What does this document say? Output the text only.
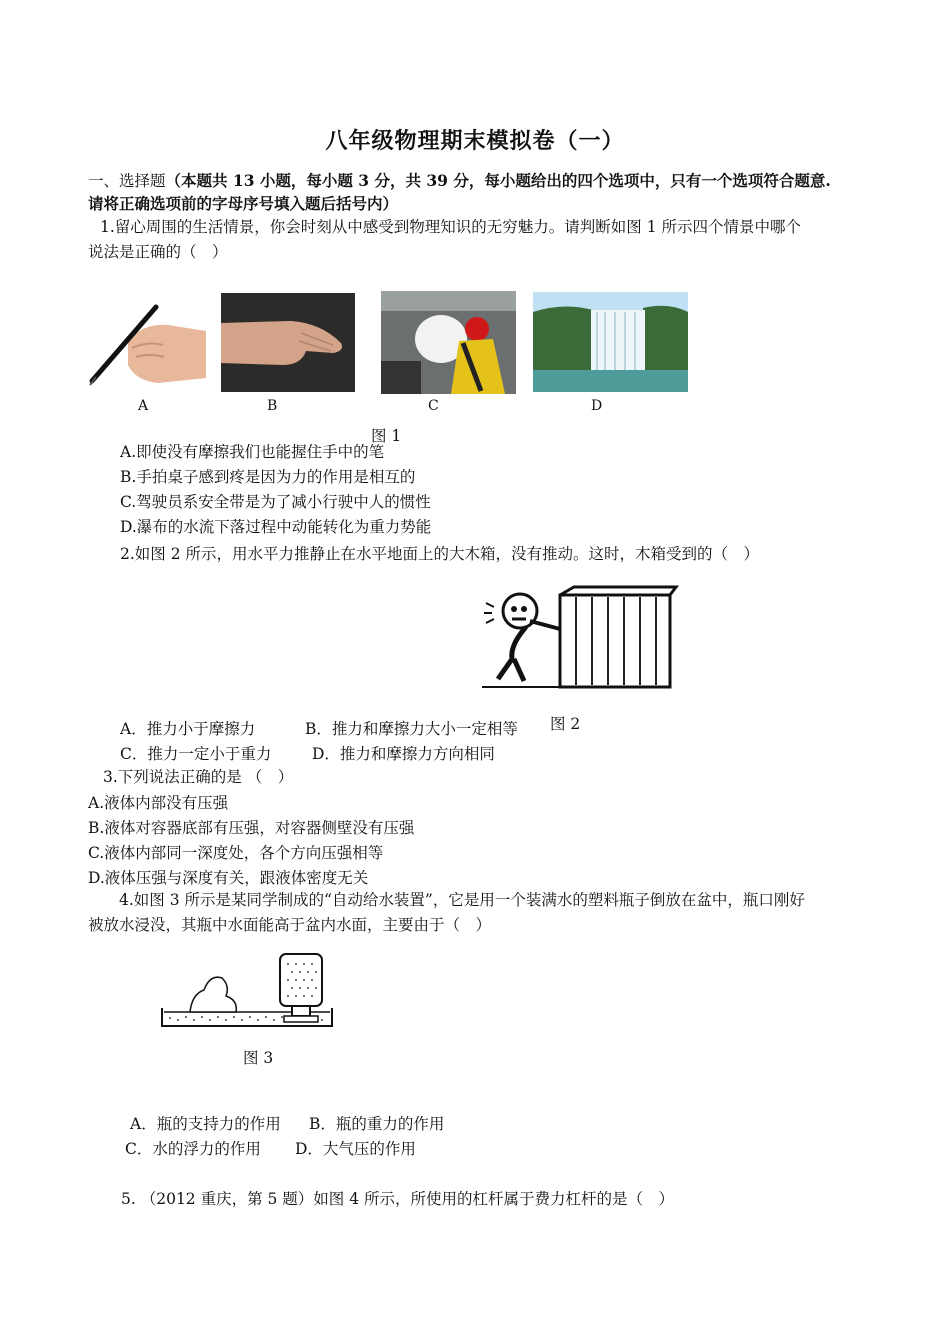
八年级物理期末模拟卷（一）
一、选择题（本题共 13 小题，每小题 3 分，共 39 分，每小题给出的四个选项中，只有一个选项符合题意.
请将正确选项前的字母序号填入题后括号内）
1.留心周围的生活情景，你会时刻从中感受到物理知识的无穷魅力。请判断如图 1 所示四个情景中哪个
说法是正确的（　）
A	B	C	D
图 1
A.即使没有摩擦我们也能握住手中的笔
B.手拍桌子感到疼是因为力的作用是相互的
C.驾驶员系安全带是为了减小行驶中人的惯性
D.瀑布的水流下落过程中动能转化为重力势能
2.如图 2 所示，用水平力推静止在水平地面上的大木箱，没有推动。这时，木箱受到的（　）
A．推力小于摩擦力	B．推力和摩擦力大小一定相等 图 2
C．推力一定小于重力	D．推力和摩擦力方向相同
3.下列说法正确的是 （　）
A.液体内部没有压强
B.液体对容器底部有压强，对容器侧壁没有压强
C.液体内部同一深度处，各个方向压强相等
D.液体压强与深度有关，跟液体密度无关
4.如图 3 所示是某同学制成的“自动给水装置”，它是用一个装满水的塑料瓶子倒放在盆中，瓶口刚好
被放水浸没，其瓶中水面能高于盆内水面，主要由于（　）
图 3
A．瓶的支持力的作用 B．瓶的重力的作用
C．水的浮力的作用 D．大气压的作用
5. （2012 重庆，第 5 题）如图 4 所示，所使用的杠杆属于费力杠杆的是（　）
